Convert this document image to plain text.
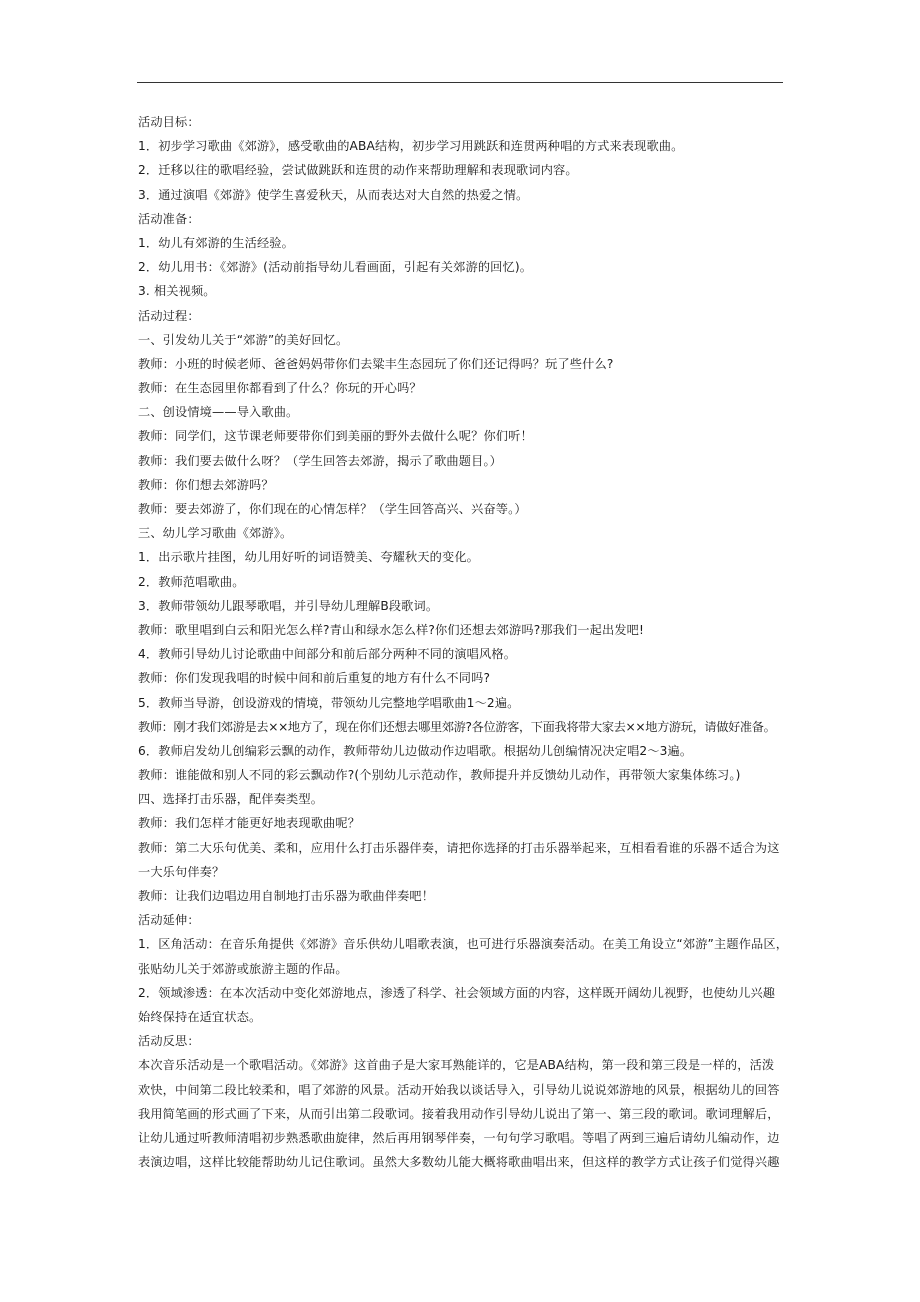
活动目标：
1．初步学习歌曲《郊游》，感受歌曲的ABA结构，初步学习用跳跃和连贯两种唱的方式来表现歌曲。
2．迁移以往的歌唱经验，尝试做跳跃和连贯的动作来帮助理解和表现歌词内容。
3．通过演唱《郊游》使学生喜爱秋天，从而表达对大自然的热爱之情。
活动准备：
1．幼儿有郊游的生活经验。
2．幼儿用书：《郊游》(活动前指导幼儿看画面，引起有关郊游的回忆)。
3. 相关视频。
活动过程：
一、引发幼儿关于“郊游”的美好回忆。
教师：小班的时候老师、爸爸妈妈带你们去粱丰生态园玩了你们还记得吗？玩了些什么?
教师：在生态园里你都看到了什么？你玩的开心吗？
二、创设情境——导入歌曲。
教师：同学们，这节课老师要带你们到美丽的野外去做什么呢？你们听！
教师：我们要去做什么呀？（学生回答去郊游，揭示了歌曲题目。）
教师：你们想去郊游吗？
教师：要去郊游了，你们现在的心情怎样？（学生回答高兴、兴奋等。）
三、幼儿学习歌曲《郊游》。
1．出示歌片挂图，幼儿用好听的词语赞美、夸耀秋天的变化。
2．教师范唱歌曲。
3．教师带领幼儿跟琴歌唱，并引导幼儿理解B段歌词。
教师：歌里唱到白云和阳光怎么样?青山和绿水怎么样?你们还想去郊游吗?那我们一起出发吧!
4．教师引导幼儿讨论歌曲中间部分和前后部分两种不同的演唱风格。
教师：你们发现我唱的时候中间和前后重复的地方有什么不同吗?
5．教师当导游，创设游戏的情境，带领幼儿完整地学唱歌曲1～2遍。
教师：刚才我们郊游是去××地方了，现在你们还想去哪里郊游?各位游客，下面我将带大家去××地方游玩，请做好准备。
6．教师启发幼儿创编彩云飘的动作，教师带幼儿边做动作边唱歌。根据幼儿创编情况决定唱2～3遍。
教师：谁能做和别人不同的彩云飘动作?(个别幼儿示范动作，教师提升并反馈幼儿动作，再带领大家集体练习。)
四、选择打击乐器，配伴奏类型。
教师：我们怎样才能更好地表现歌曲呢？
教师：第二大乐句优美、柔和，应用什么打击乐器伴奏，请把你选择的打击乐器举起来，互相看看谁的乐器不适合为这
一大乐句伴奏？
教师：让我们边唱边用自制地打击乐器为歌曲伴奏吧！
活动延伸：
1．区角活动：在音乐角提供《郊游》音乐供幼儿唱歌表演，也可进行乐器演奏活动。在美工角设立“郊游”主题作品区，
张贴幼儿关于郊游或旅游主题的作品。
2．领域渗透：在本次活动中变化郊游地点，渗透了科学、社会领域方面的内容，这样既开阔幼儿视野，也使幼儿兴趣
始终保持在适宜状态。
活动反思：
本次音乐活动是一个歌唱活动。《郊游》这首曲子是大家耳熟能详的，它是ABA结构，第一段和第三段是一样的，活泼
欢快，中间第二段比较柔和，唱了郊游的风景。活动开始我以谈话导入，引导幼儿说说郊游地的风景，根据幼儿的回答
我用简笔画的形式画了下来，从而引出第二段歌词。接着我用动作引导幼儿说出了第一、第三段的歌词。歌词理解后，
让幼儿通过听教师清唱初步熟悉歌曲旋律，然后再用钢琴伴奏，一句句学习歌唱。等唱了两到三遍后请幼儿编动作，边
表演边唱，这样比较能帮助幼儿记住歌词。虽然大多数幼儿能大概将歌曲唱出来，但这样的教学方式让孩子们觉得兴趣
